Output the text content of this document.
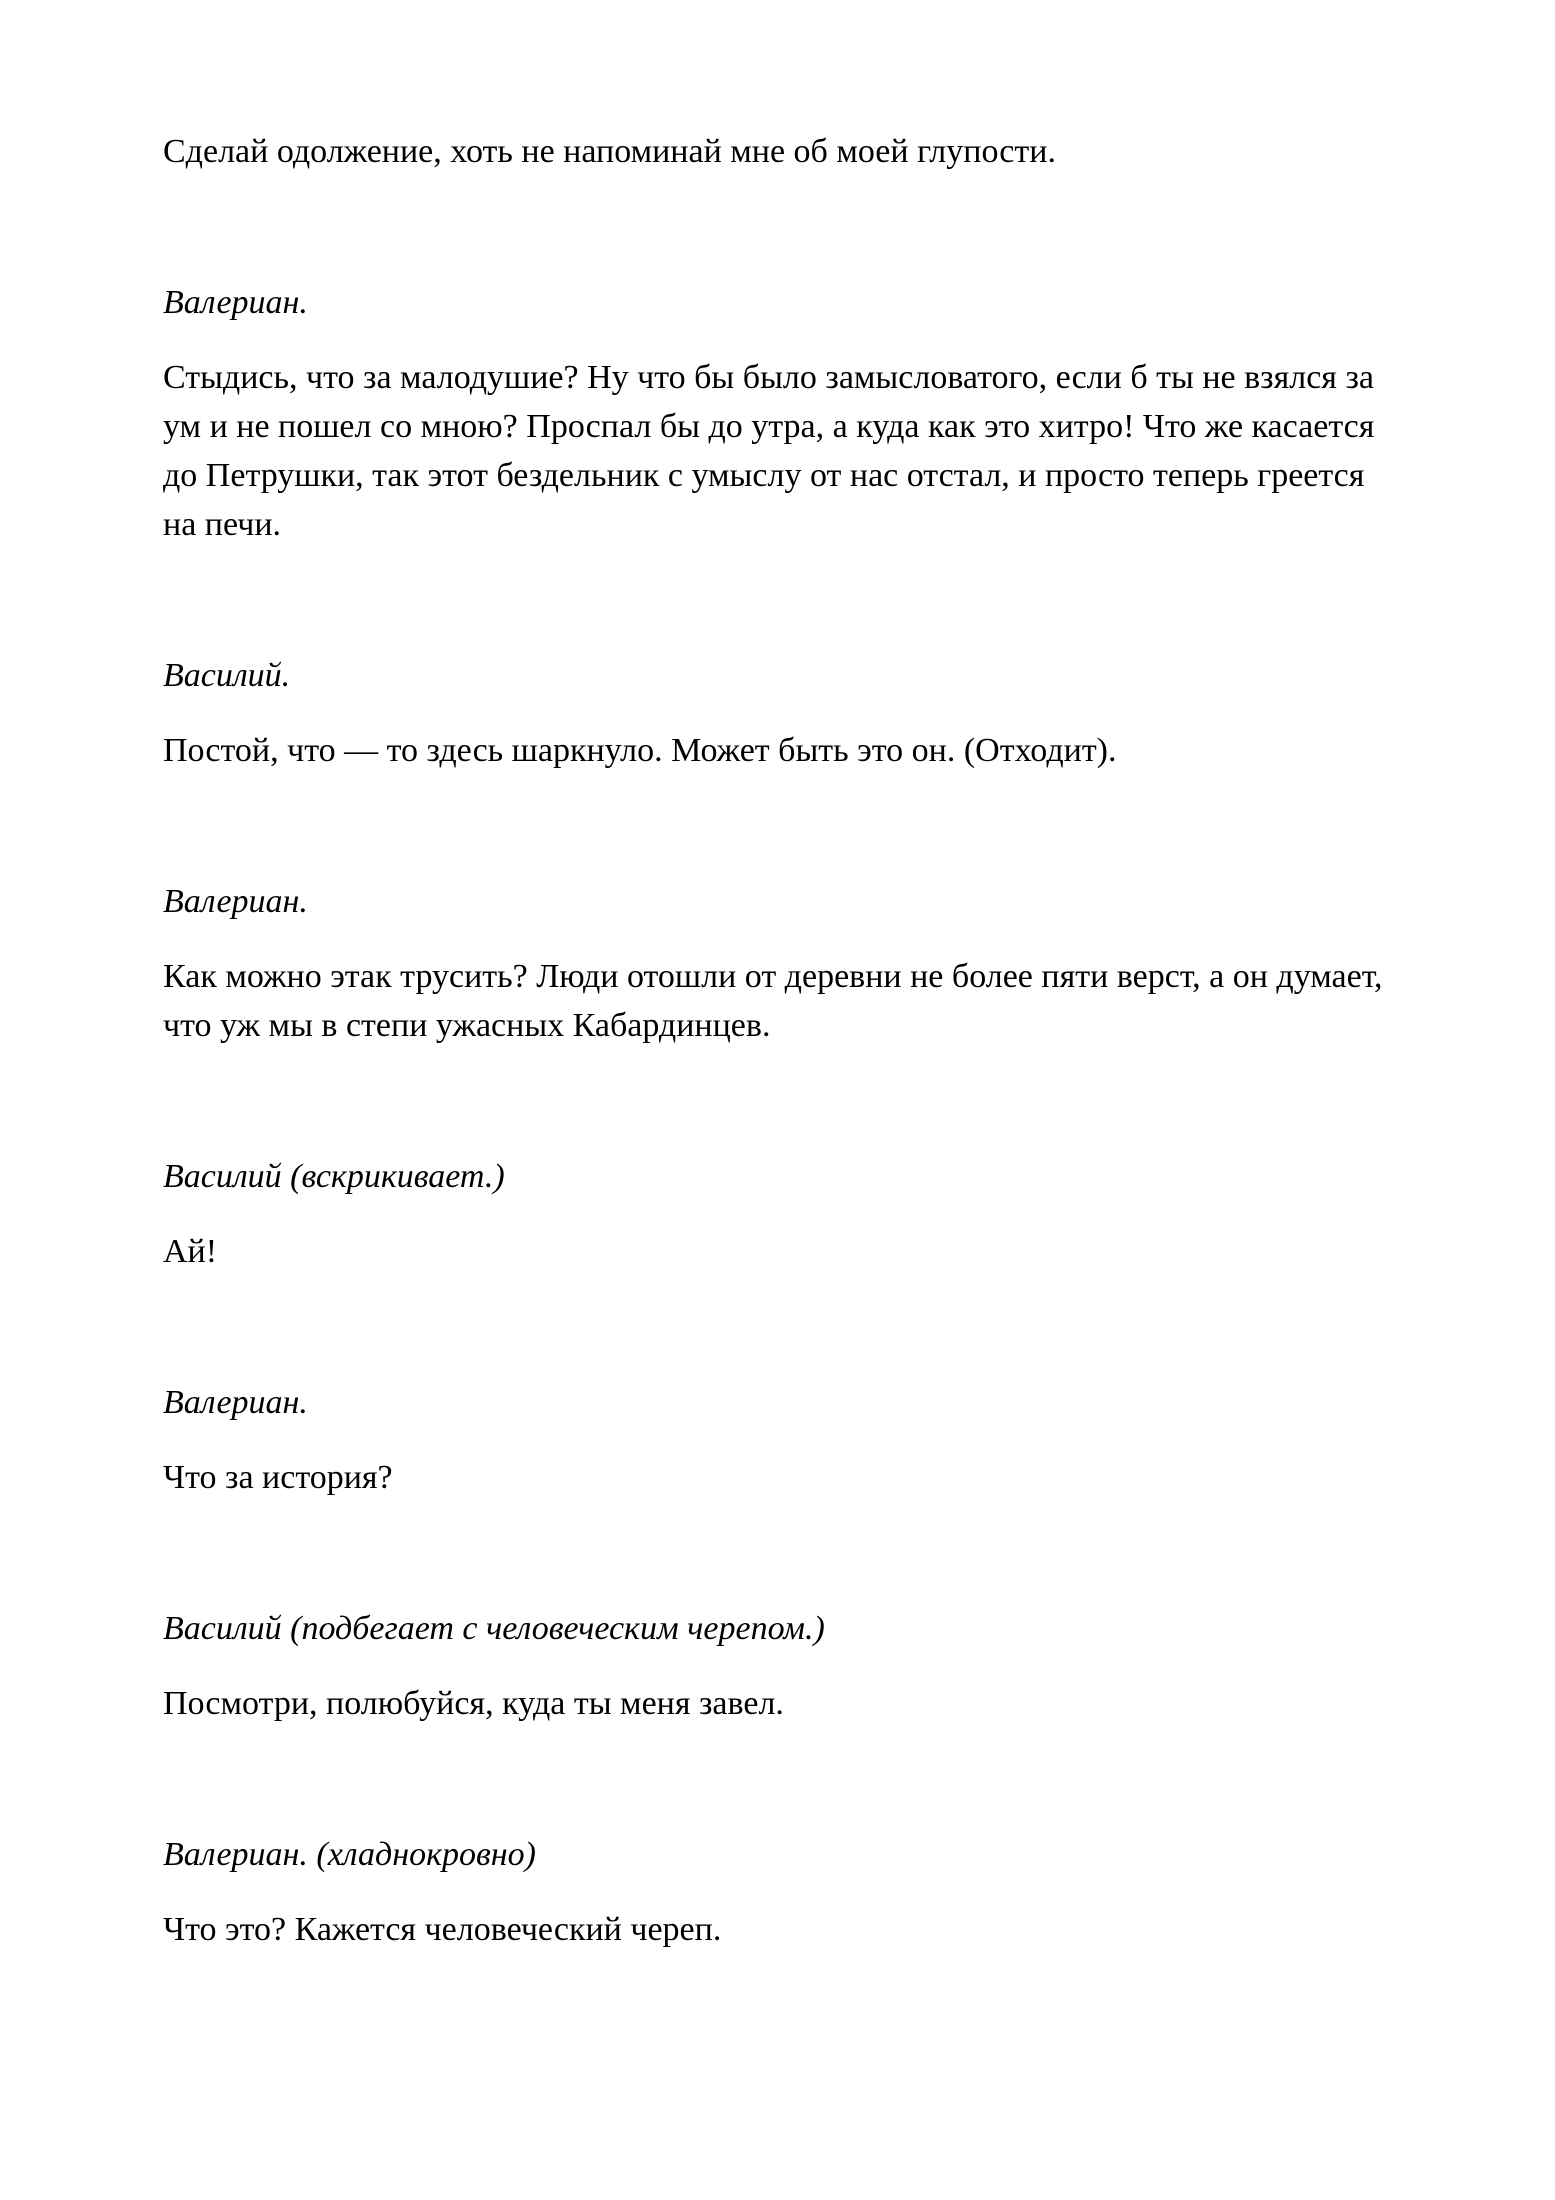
Сделай одолжение, хоть не напоминай мне об моей глупости.
Валериан.
Стыдись, что за малодушие? Ну что бы было замысловатого, если б ты не взялся за ум и не пошел со мною? Проспал бы до утра, а куда как это хитро! Что же касается до Петрушки, так этот бездельник с умыслу от нас отстал, и просто теперь греется на печи.
Василий.
Постой, что — то здесь шаркнуло. Может быть это он. (Отходит).
Валериан.
Как можно этак трусить? Люди отошли от деревни не более пяти верст, а он думает, что уж мы в степи ужасных Кабардинцев.
Василий (вскрикивает.)
Ай!
Валериан.
Что за история?
Василий (подбегает с человеческим черепом.)
Посмотри, полюбуйся, куда ты меня завел.
Валериан. (хладнокровно)
Что это? Кажется человеческий череп.
